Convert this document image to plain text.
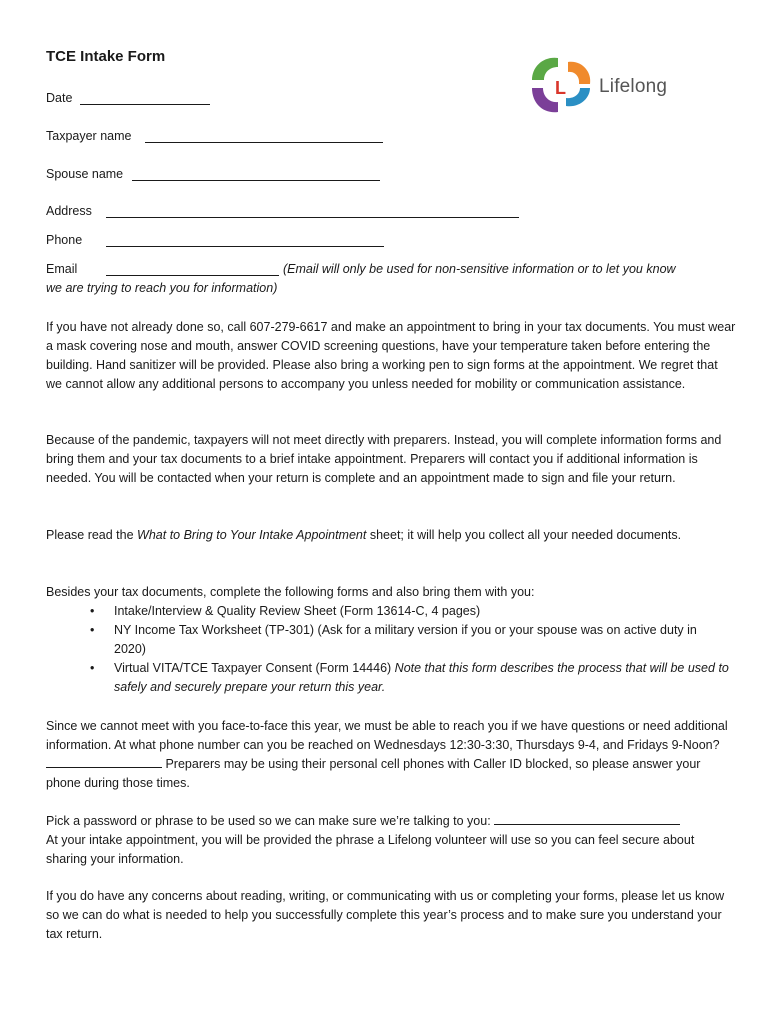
TCE Intake Form
L Lifelong
Date
Taxpayer name
Spouse name
Address
Phone
Email	(Email will only be used for non-sensitive information or to let you know
we are trying to reach you for information)

If you have not already done so, call 607-279-6617 and make an appointment to bring in your tax documents. You must wear a mask covering nose and mouth, answer COVID screening questions, have your temperature taken before entering the building. Hand sanitizer will be provided. Please also bring a working pen to sign forms at the appointment. We regret that we cannot allow any additional persons to accompany you unless needed for mobility or communication assistance.

Because of the pandemic, taxpayers will not meet directly with preparers. Instead, you will complete information forms and bring them and your tax documents to a brief intake appointment. Preparers will contact you if additional information is needed. You will be contacted when your return is complete and an appointment made to sign and file your return.

Please read the What to Bring to Your Intake Appointment sheet; it will help you collect all your needed documents.

Besides your tax documents, complete the following forms and also bring them with you:

• Intake/Interview & Quality Review Sheet (Form 13614-C, 4 pages)
• NY Income Tax Worksheet (TP-301) (Ask for a military version if you or your spouse was on active duty in 2020)
• Virtual VITA/TCE Taxpayer Consent (Form 14446) Note that this form describes the process that will be used to safely and securely prepare your return this year.

Since we cannot meet with you face-to-face this year, we must be able to reach you if we have questions or need additional information. At what phone number can you be reached on Wednesdays 12:30-3:30, Thursdays 9-4, and Fridays 9-Noon?  Preparers may be using their personal cell phones with Caller ID blocked, so please answer your phone during those times.

Pick a password or phrase to be used so we can make sure we’re talking to you:

At your intake appointment, you will be provided the phrase a Lifelong volunteer will use so you can feel secure about sharing your information.

If you do have any concerns about reading, writing, or communicating with us or completing your forms, please let us know so we can do what is needed to help you successfully complete this year’s process and to make sure you understand your tax return.
